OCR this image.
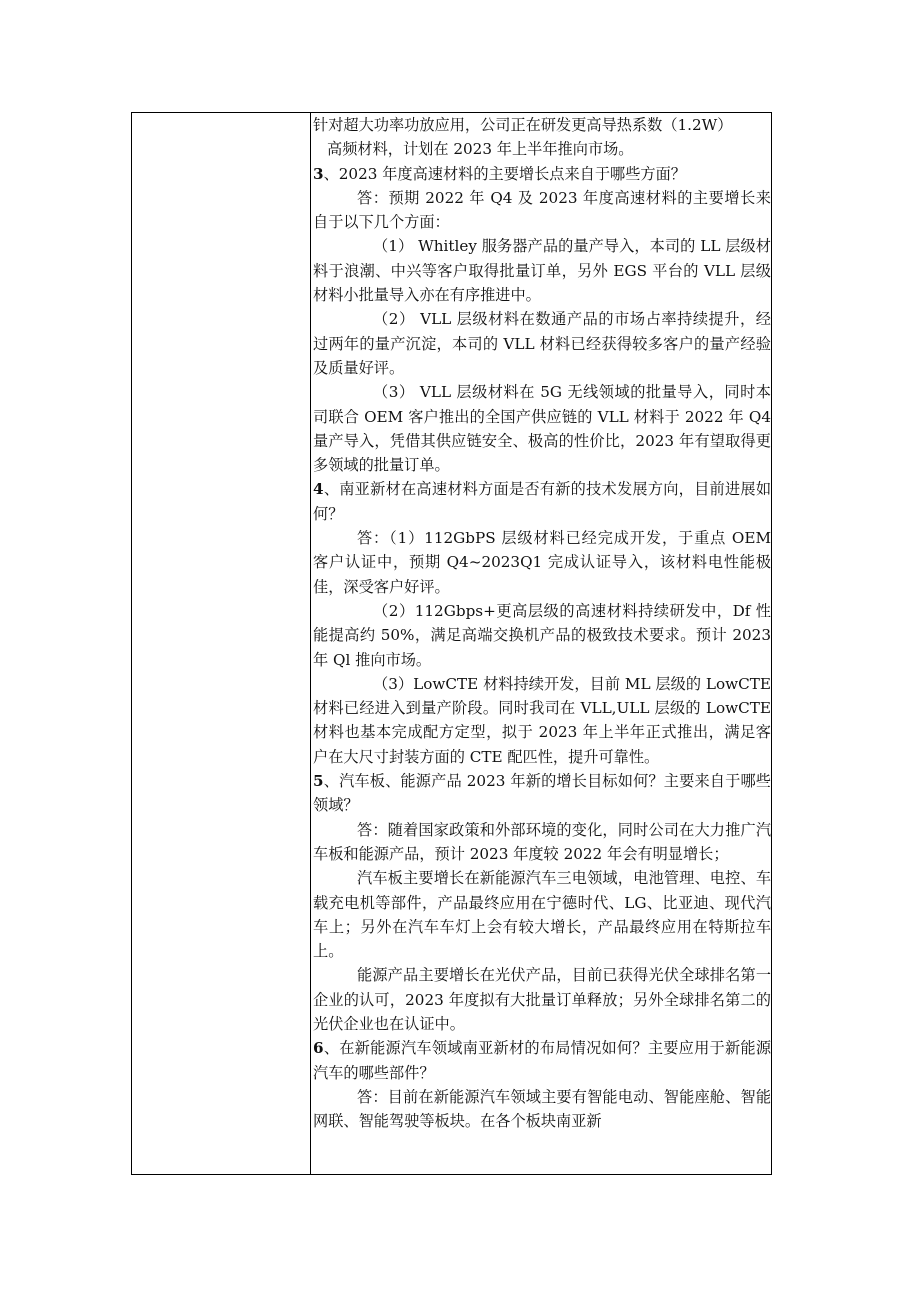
针对超大功率功放应用，公司正在研发更高导热系数（1.2W）

高频材料，计划在 2023 年上半年推向市场。

3、2023 年度高速材料的主要增长点来自于哪些方面？

答：预期 2022 年 Q4 及 2023 年度高速材料的主要增长来自于以下几个方面：

（1） Whitley 服务器产品的量产导入，本司的 LL 层级材料于浪潮、中兴等客户取得批量订单，另外 EGS 平台的 VLL 层级材料小批量导入亦在有序推进中。

（2） VLL 层级材料在数通产品的市场占率持续提升，经过两年的量产沉淀，本司的 VLL 材料已经获得较多客户的量产经验及质量好评。

（3） VLL 层级材料在 5G 无线领域的批量导入，同时本司联合 OEM 客户推出的全国产供应链的 VLL 材料于 2022 年 Q4 量产导入，凭借其供应链安全、极高的性价比，2023 年有望取得更多领域的批量订单。

4、南亚新材在高速材料方面是否有新的技术发展方向，目前进展如何？

答：（1）112GbPS 层级材料已经完成开发，于重点 OEM 客户认证中，预期 Q4~2023Q1 完成认证导入，该材料电性能极佳，深受客户好评。

（2）112Gbps+更高层级的高速材料持续研发中，Df 性能提高约 50%，满足高端交换机产品的极致技术要求。预计 2023 年 Ql 推向市场。

（3）LowCTE 材料持续开发，目前 ML 层级的 LowCTE 材料已经进入到量产阶段。同时我司在 VLL,ULL 层级的 LowCTE 材料也基本完成配方定型，拟于 2023 年上半年正式推出，满足客户在大尺寸封装方面的 CTE 配匹性，提升可靠性。

5、汽车板、能源产品 2023 年新的增长目标如何？主要来自于哪些领域？

答：随着国家政策和外部环境的变化，同时公司在大力推广汽车板和能源产品，预计 2023 年度较 2022 年会有明显增长；

汽车板主要增长在新能源汽车三电领域，电池管理、电控、车载充电机等部件，产品最终应用在宁德时代、LG、比亚迪、现代汽车上；另外在汽车车灯上会有较大增长，产品最终应用在特斯拉车上。

能源产品主要增长在光伏产品，目前已获得光伏全球排名第一企业的认可，2023 年度拟有大批量订单释放；另外全球排名第二的光伏企业也在认证中。

6、在新能源汽车领域南亚新材的布局情况如何？主要应用于新能源汽车的哪些部件？

答：目前在新能源汽车领域主要有智能电动、智能座舱、智能网联、智能驾驶等板块。在各个板块南亚新
